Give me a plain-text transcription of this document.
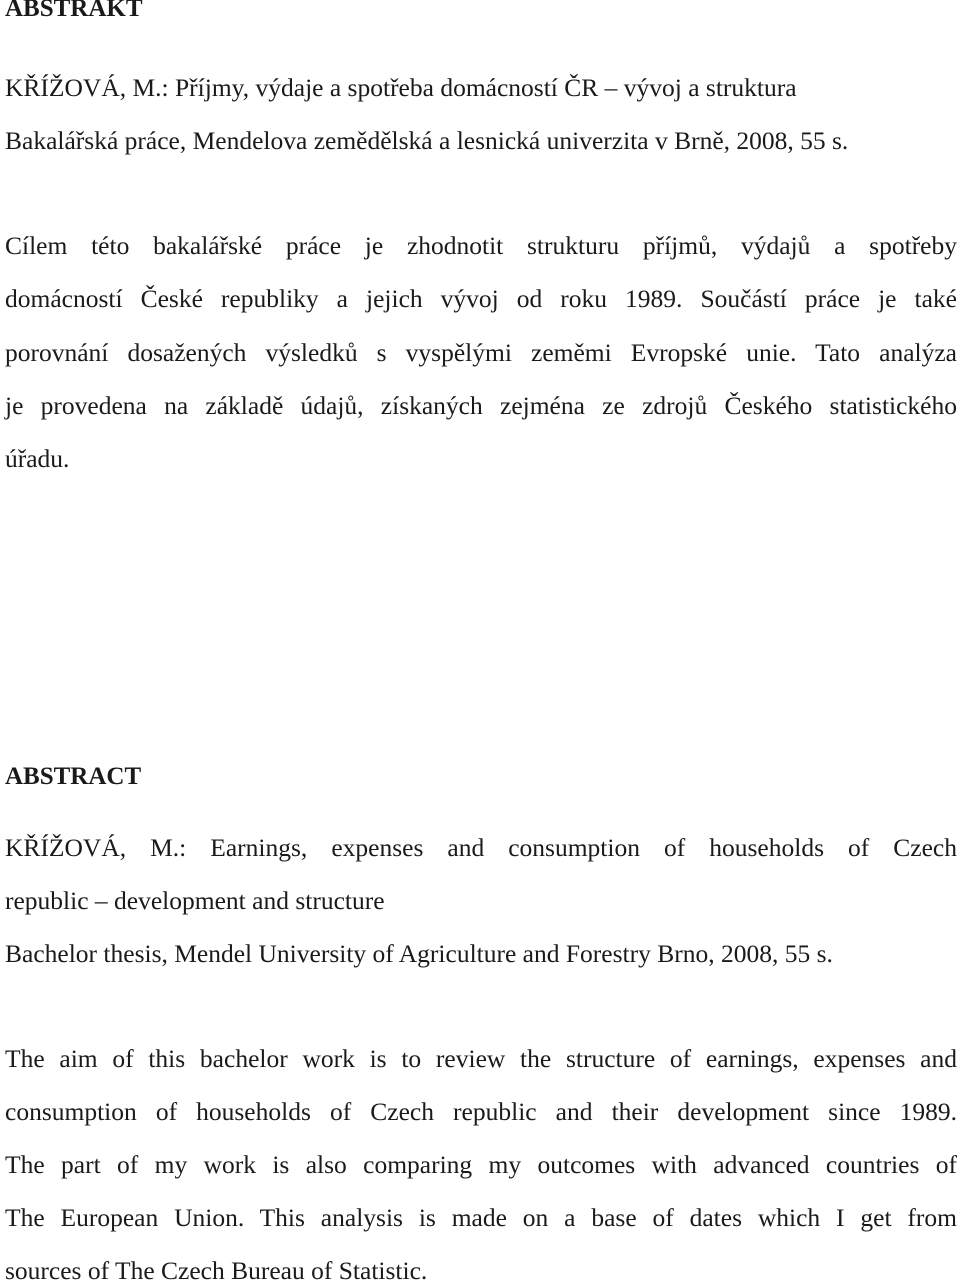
ABSTRAKT
KŘÍŽOVÁ, M.: Příjmy, výdaje a spotřeba domácností ČR – vývoj a struktura
Bakalářská práce, Mendelova zemědělská a lesnická univerzita v Brně, 2008, 55 s.
Cílem této bakalářské práce je zhodnotit strukturu příjmů, výdajů a spotřeby
domácností České republiky a jejich vývoj od roku 1989. Součástí práce je také
porovnání dosažených výsledků s vyspělými zeměmi Evropské unie. Tato analýza
je provedena na základě údajů, získaných zejména ze zdrojů Českého statistického
úřadu.
ABSTRACT
KŘÍŽOVÁ, M.: Earnings, expenses and consumption of households of Czech
republic – development and structure
Bachelor thesis, Mendel University of Agriculture and Forestry Brno, 2008, 55 s.
The aim of this bachelor work is to review the structure of earnings, expenses and
consumption of households of Czech republic and their development since 1989.
The part of my work is also comparing my outcomes with advanced countries of
The European Union. This analysis is made on a base of dates which I get from
sources of The Czech Bureau of Statistic.
